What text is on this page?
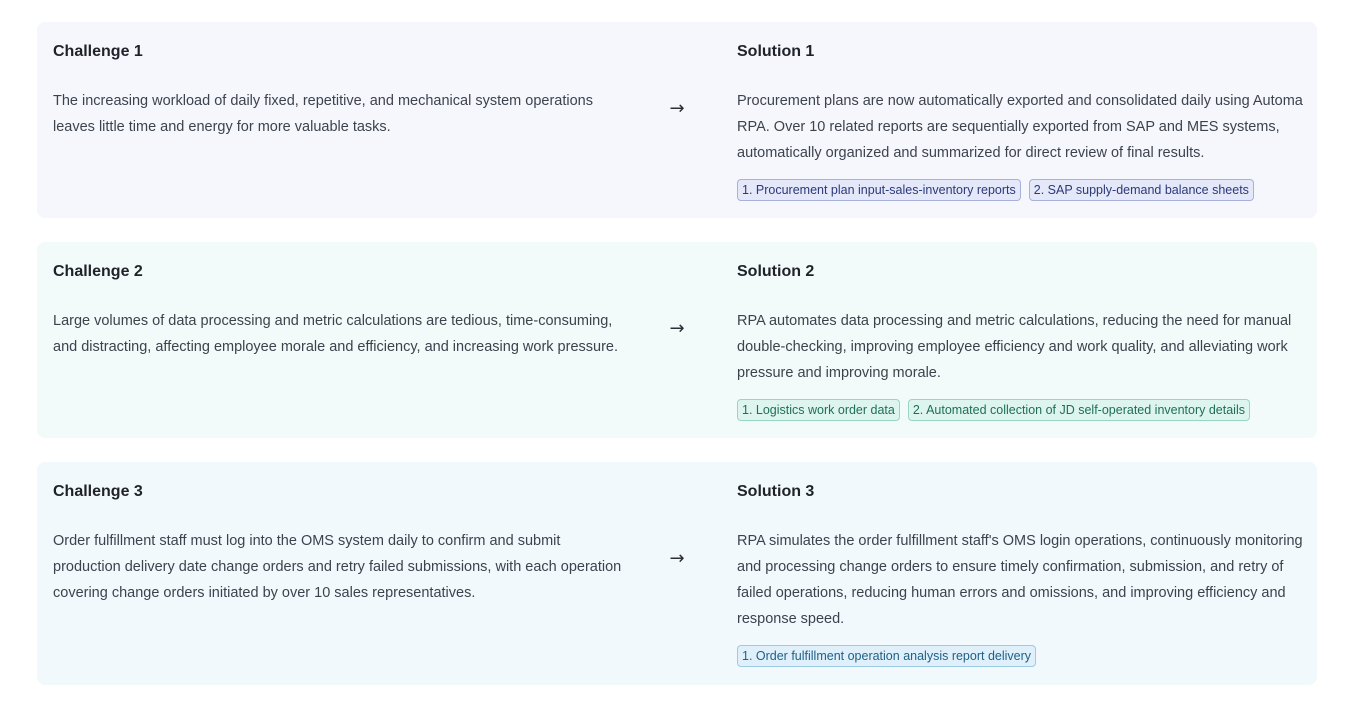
Challenge 1

The increasing workload of daily fixed, repetitive, and mechanical system operations leaves little time and energy for more valuable tasks.

→
Solution 1

Procurement plans are now automatically exported and consolidated daily using Automa RPA. Over 10 related reports are sequentially exported from SAP and MES systems, automatically organized and summarized for direct review of final results.

1. Procurement plan input-sales-inventory reports	2. SAP supply-demand balance sheets
Challenge 2

Large volumes of data processing and metric calculations are tedious, time-consuming, and distracting, affecting employee morale and efficiency, and increasing work pressure.

→
Solution 2

RPA automates data processing and metric calculations, reducing the need for manual double-checking, improving employee efficiency and work quality, and alleviating work pressure and improving morale.

1. Logistics work order data	2. Automated collection of JD self-operated inventory details
Challenge 3

Order fulfillment staff must log into the OMS system daily to confirm and submit production delivery date change orders and retry failed submissions, with each operation covering change orders initiated by over 10 sales representatives.

→
Solution 3

RPA simulates the order fulfillment staff's OMS login operations, continuously monitoring and processing change orders to ensure timely confirmation, submission, and retry of failed operations, reducing human errors and omissions, and improving efficiency and response speed.

1. Order fulfillment operation analysis report delivery
